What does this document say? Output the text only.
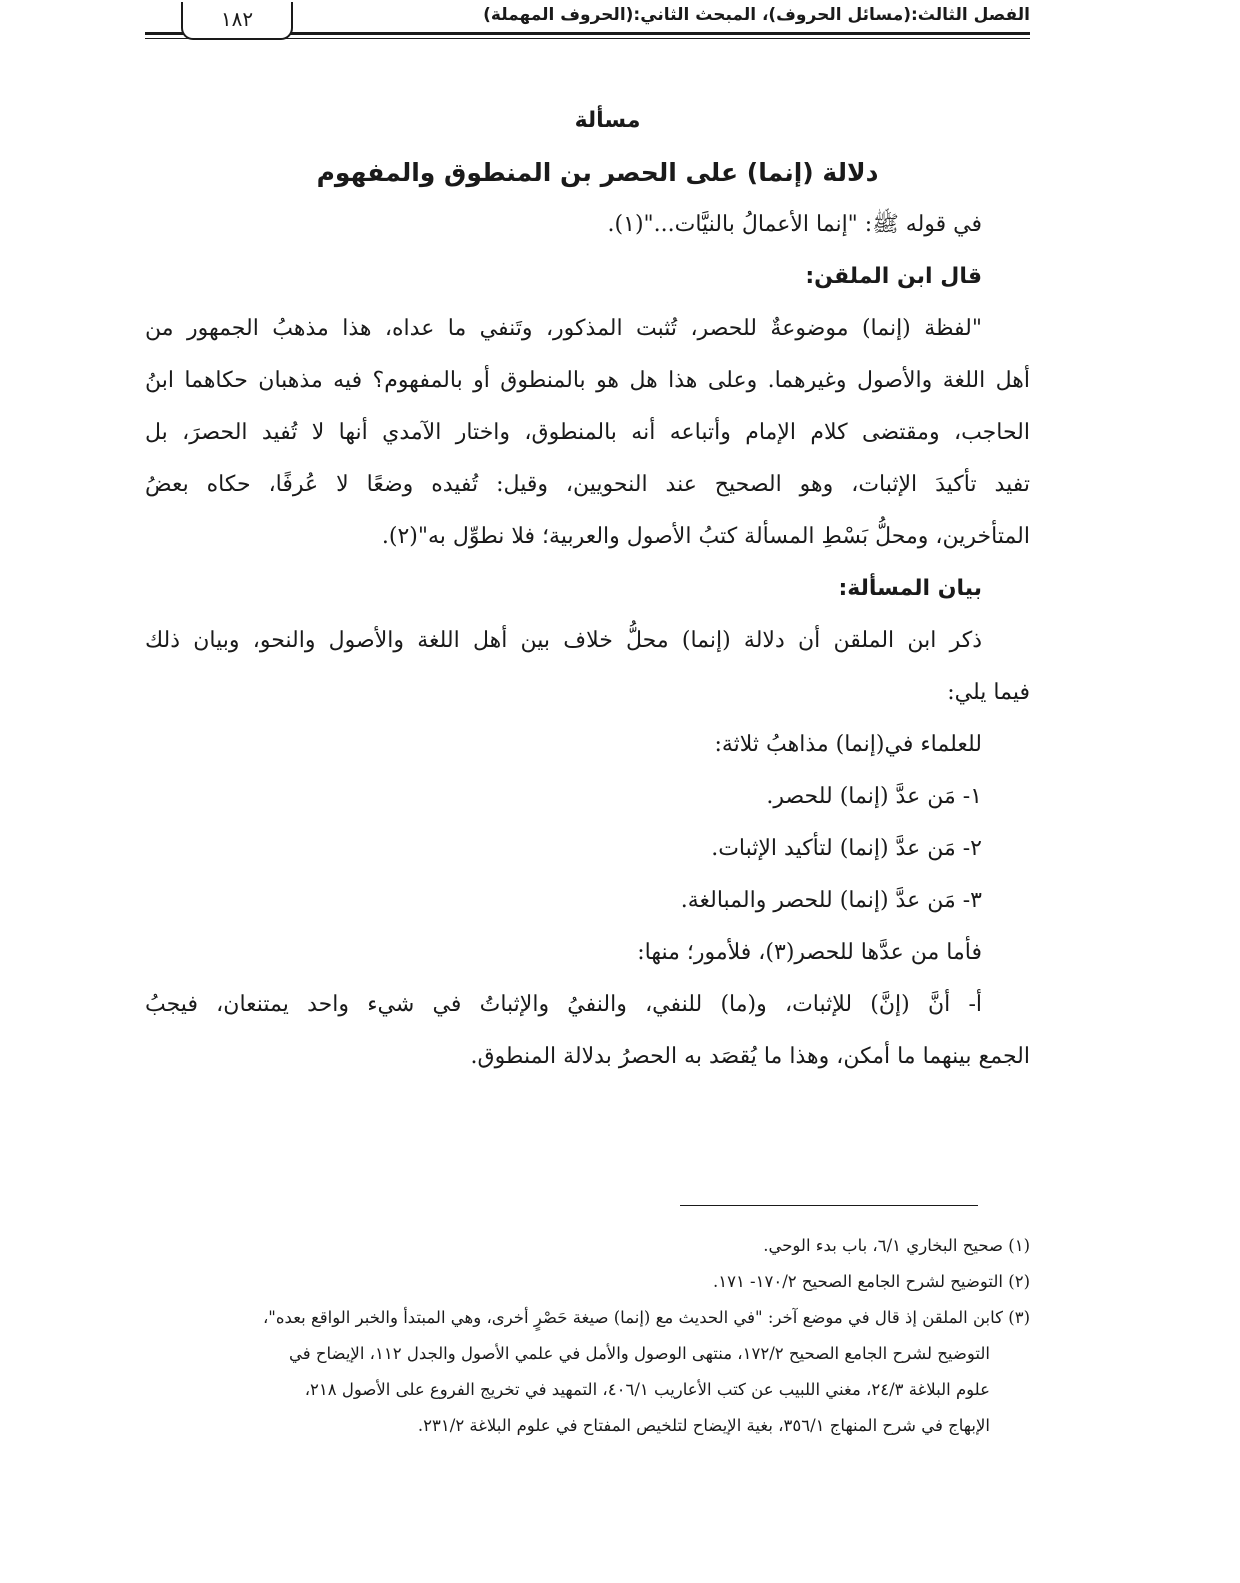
الفصل الثالث:(مسائل الحروف)، المبحث الثاني:(الحروف المهملة)
١٨٢
مسألة
دلالة (إنما) على الحصر بن المنطوق والمفهوم
في قوله ﷺ: "إنما الأعمالُ بالنيَّات..."(١).
قال ابن الملقن:
"لفظة (إنما) موضوعةٌ للحصر، تُثبت المذكور، وتَنفي ما عداه، هذا مذهبُ الجمهور من
أهل اللغة والأصول وغيرهما. وعلى هذا هل هو بالمنطوق أو بالمفهوم؟ فيه مذهبان حكاهما ابنُ
الحاجب، ومقتضى كلام الإمام وأتباعه أنه بالمنطوق، واختار الآمدي أنها لا تُفيد الحصرَ، بل
تفيد تأكيدَ الإثبات، وهو الصحيح عند النحويين، وقيل: تُفيده وضعًا لا عُرفًا، حكاه بعضُ
المتأخرين، ومحلُّ بَسْطِ المسألة كتبُ الأصول والعربية؛ فلا نطوِّل به"(٢).
بيان المسألة:
ذكر ابن الملقن أن دلالة (إنما) محلُّ خلاف بين أهل اللغة والأصول والنحو، وبيان ذلك
فيما يلي:
للعلماء في(إنما) مذاهبُ ثلاثة:
١- مَن عدَّ (إنما) للحصر.
٢- مَن عدَّ (إنما) لتأكيد الإثبات.
٣- مَن عدَّ (إنما) للحصر والمبالغة.
فأما من عدَّها للحصر(٣)، فلأمور؛ منها:
أ- أنَّ (إنَّ) للإثبات، و(ما) للنفي، والنفيُ والإثباتُ في شيء واحد يمتنعان، فيجبُ
الجمع بينهما ما أمكن، وهذا ما يُقصَد به الحصرُ بدلالة المنطوق.
(١) صحيح البخاري ٦/١، باب بدء الوحي.
(٢) التوضيح لشرح الجامع الصحيح ١٧٠/٢- ١٧١.
(٣) كابن الملقن إذ قال في موضع آخر: "في الحديث مع (إنما) صيغة حَصْرٍ أخرى، وهي المبتدأ والخبر الواقع بعده"،
التوضيح لشرح الجامع الصحيح ١٧٢/٢، منتهى الوصول والأمل في علمي الأصول والجدل ١١٢، الإيضاح في
علوم البلاغة ٢٤/٣، مغني اللبيب عن كتب الأعاريب ٤٠٦/١، التمهيد في تخريج الفروع على الأصول ٢١٨،
الإبهاج في شرح المنهاج ٣٥٦/١، بغية الإيضاح لتلخيص المفتاح في علوم البلاغة ٢٣١/٢.
